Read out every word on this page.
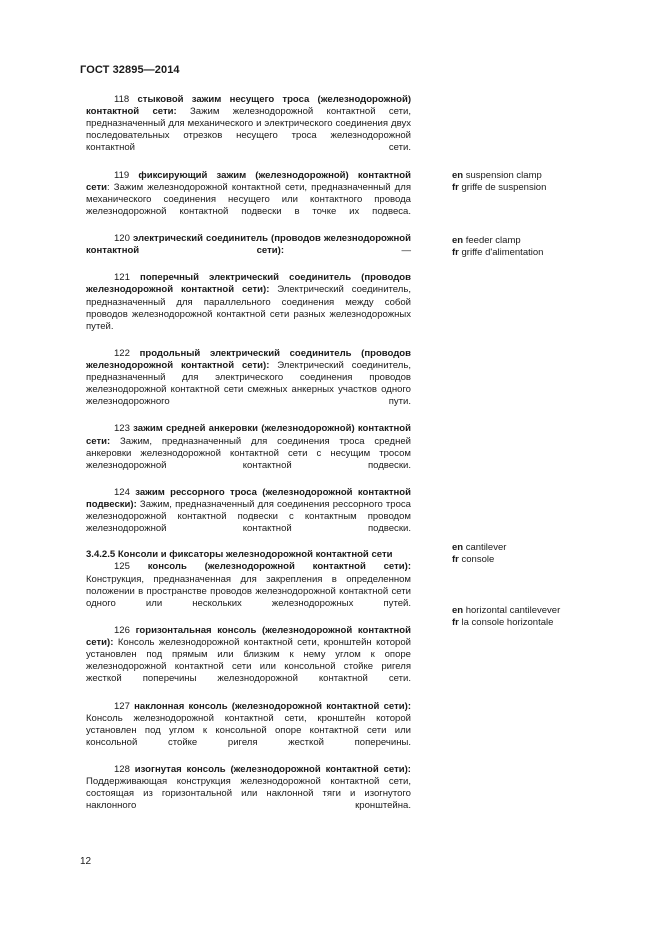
ГОСТ 32895—2014
118 стыковой зажим несущего троса (железнодорожной) контактной сети: Зажим железнодорожной контактной сети, предназначенный для механического и электрического соединения двух последовательных отрезков несущего троса железнодорожной контактной сети.
119 фиксирующий зажим (железнодорожной) контактной сети: Зажим железнодорожной контактной сети, предназначенный для механического соединения несущего или контактного провода железнодорожной контактной подвески в точке их подвеса.
120 электрический соединитель (проводов железнодорожной контактной сети):	—
121 поперечный электрический соединитель (проводов железнодорожной контактной сети): Электрический соединитель, предназначенный для параллельного соединения между собой проводов железнодорожной контактной сети разных железнодорожных путей.
122 продольный электрический соединитель (проводов железнодорожной контактной сети): Электрический соединитель, предназначенный для электрического соединения проводов железнодорожной контактной сети смежных анкерных участков одного железнодорожного пути.
123 зажим средней анкеровки (железнодорожной) контактной сети: Зажим, предназначенный для соединения троса средней анкеровки железнодорожной контактной сети с несущим тросом железнодорожной контактной подвески.
124 зажим рессорного троса (железнодорожной контактной подвески): Зажим, предназначенный для соединения рессорного троса железнодорожной контактной подвески с контактным проводом железнодорожной контактной подвески.
3.4.2.5 Консоли и фиксаторы железнодорожной контактной сети
125 консоль (железнодорожной контактной сети): Конструкция, предназначенная для закрепления в определенном положении в пространстве проводов железнодорожной контактной сети одного или нескольких железнодорожных путей.
126 горизонтальная консоль (железнодорожной контактной сети): Консоль железнодорожной контактной сети, кронштейн которой установлен под прямым или близким к нему углом к опоре железнодорожной контактной сети или консольной стойке ригеля жесткой поперечины железнодорожной контактной сети.
127 наклонная консоль (железнодорожной контактной сети): Консоль железнодорожной контактной сети, кронштейн которой установлен под углом к консольной опоре контактной сети или консольной стойке ригеля жесткой поперечины.
128 изогнутая консоль (железнодорожной контактной сети): Поддерживающая конструкция железнодорожной контактной сети, состоящая из горизонтальной или наклонной тяги и изогнутого наклонного кронштейна.

en suspension clamp

fr griffe de suspension

en feeder clamp

fr griffe d'alimentation

en cantilever

fr console

en horizontal cantilevever

fr la console horizontale

12
